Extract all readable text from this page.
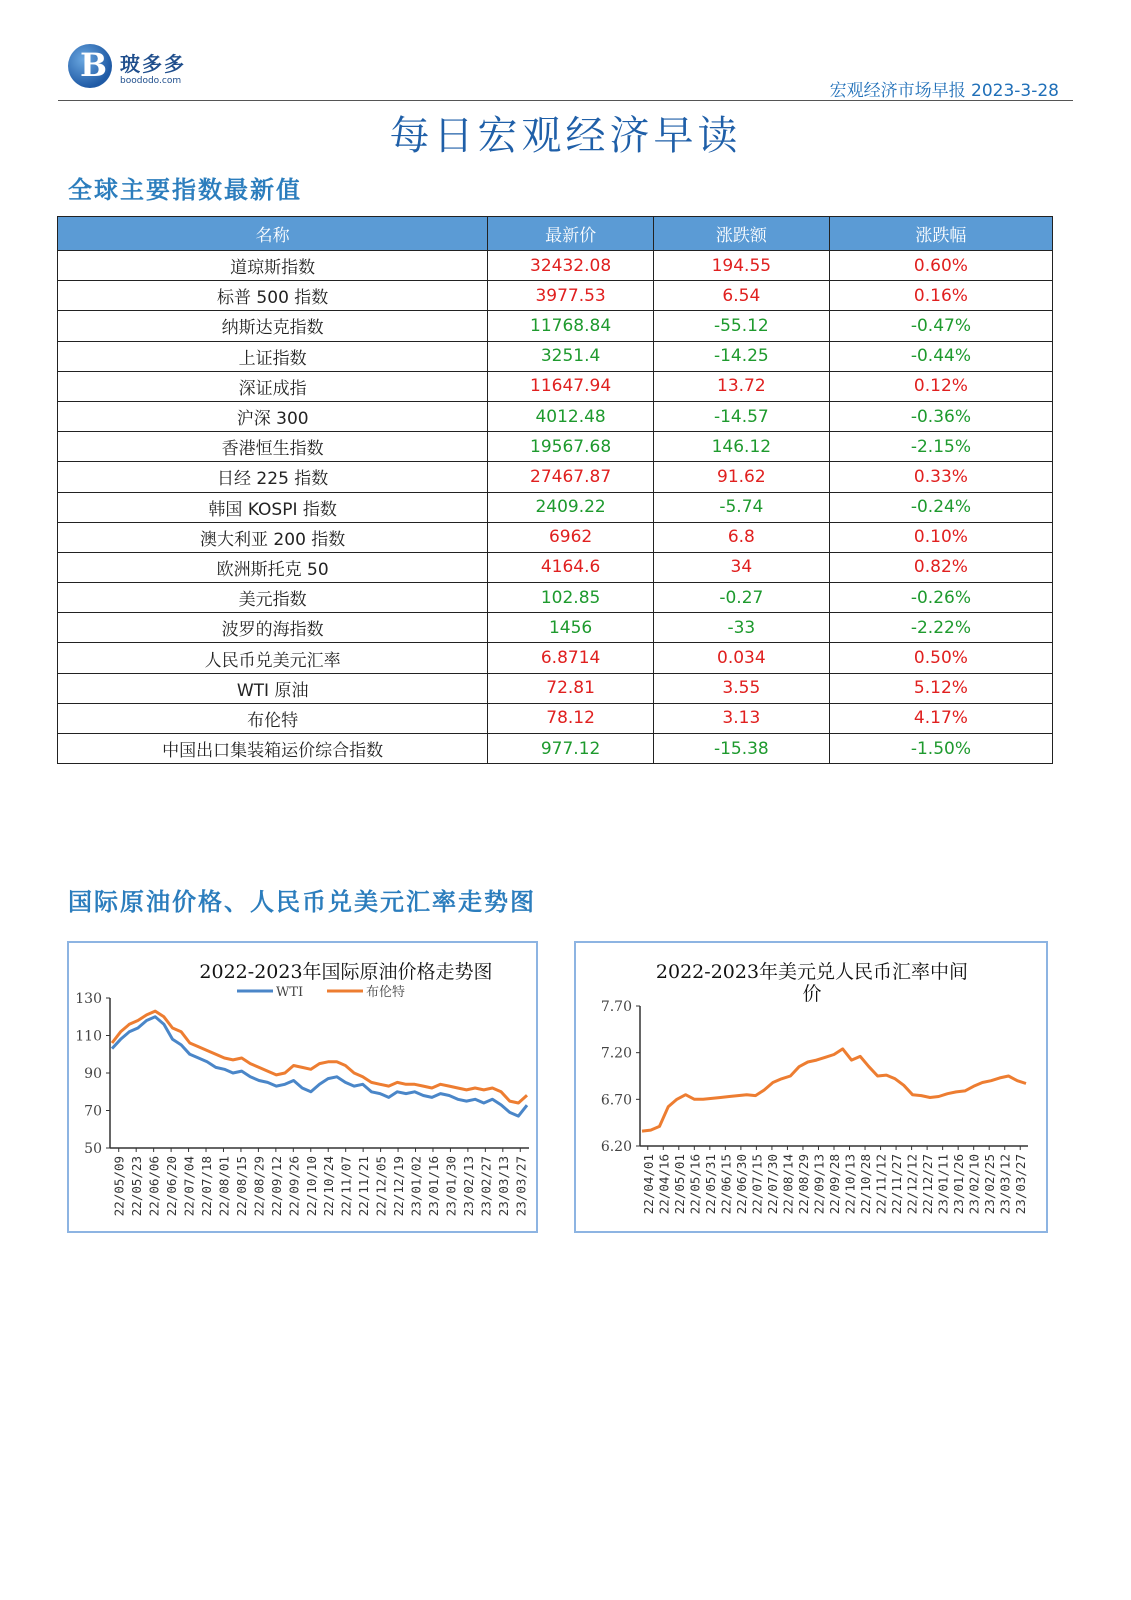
B 玻多多
boododo.com	宏观经济市场早报 2023-3-28
每日宏观经济早读
全球主要指数最新值
名称	最新价	涨跌额	涨跌幅
道琼斯指数	32432.08	194.55	0.60%
标普 500 指数	3977.53	6.54	0.16%
纳斯达克指数	11768.84	-55.12	-0.47%
上证指数	3251.4	-14.25	-0.44%
深证成指	11647.94	13.72	0.12%
沪深 300	4012.48	-14.57	-0.36%
香港恒生指数	19567.68	146.12	-2.15%
日经 225 指数	27467.87	91.62	0.33%
韩国 KOSPI 指数	2409.22	-5.74	-0.24%
澳大利亚 200 指数	6962	6.8	0.10%
欧洲斯托克 50	4164.6	34	0.82%
美元指数	102.85	-0.27	-0.26%
波罗的海指数	1456	-33	-2.22%
人民币兑美元汇率	6.8714	0.034	0.50%
WTI 原油	72.81	3.55	5.12%
布伦特	78.12	3.13	4.17%
中国出口集装箱运价综合指数	977.12	-15.38	-1.50%
国际原油价格、人民币兑美元汇率走势图
2022-2023年国际原油价格走势图
50
70
90
110
130
22/05/09 22/05/23 22/06/06 22/06/20 22/07/04 22/07/18 22/08/01 22/08/15 22/08/29 22/09/12 22/09/26 22/10/10 22/10/24 22/11/07 22/11/21 22/12/05 22/12/19 23/01/02 23/01/16 23/01/30 23/02/13 23/02/27 23/03/13 23/03/27
WTI	布伦特
2022-2023年美元兑人民币汇率中间
价
6.20
6.70
7.20
7.70
22/04/01 22/04/16 22/05/01 22/05/16 22/05/31 22/06/15 22/06/30 22/07/15 22/07/30 22/08/14 22/08/29 22/09/13 22/09/28 22/10/13 22/10/28 22/11/12 22/11/27 22/12/12 22/12/27 23/01/11 23/01/26 23/02/10 23/02/25 23/03/12 23/03/27
